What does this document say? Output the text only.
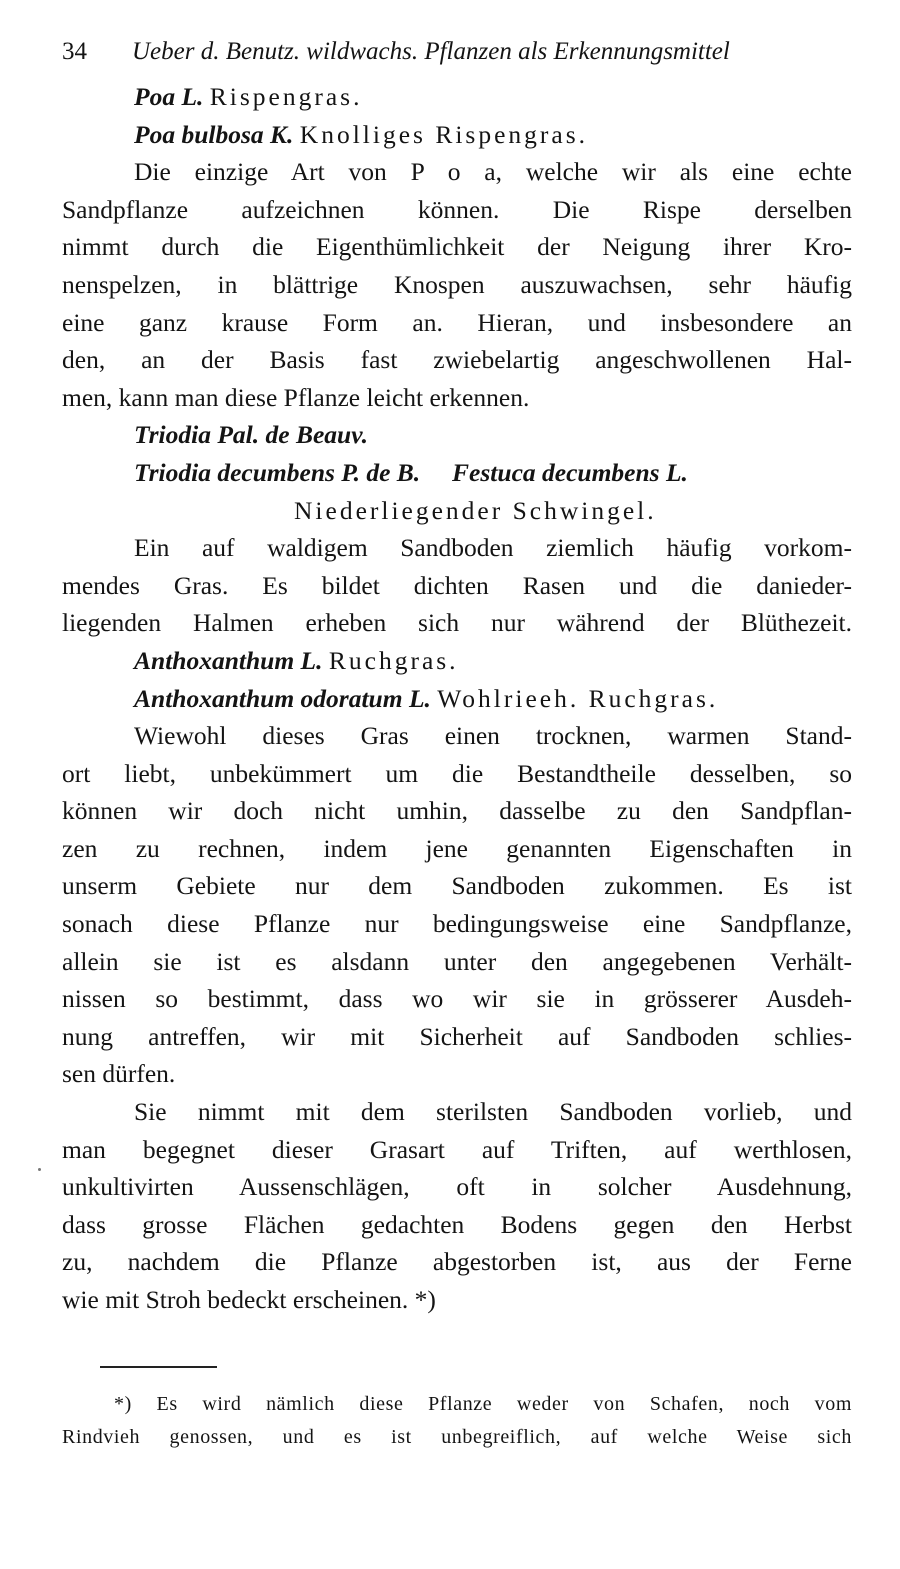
34	Ueber d. Benutz. wildwachs. Pflanzen als Erkennungsmittel
Poa L. Rispengras.
Poa bulbosa K. Knolliges Rispengras.
Die einzige Art von P o a, welche wir als eine echte
Sandpflanze aufzeichnen können. Die Rispe derselben
nimmt durch die Eigenthümlichkeit der Neigung ihrer Kro-
nenspelzen, in blättrige Knospen auszuwachsen, sehr häufig
eine ganz krause Form an. Hieran, und insbesondere an
den, an der Basis fast zwiebelartig angeschwollenen Hal-
men, kann man diese Pflanze leicht erkennen.
Triodia Pal. de Beauv.
Triodia decumbens P. de B. Festuca decumbens L.
Niederliegender Schwingel.
Ein auf waldigem Sandboden ziemlich häufig vorkom-
mendes Gras. Es bildet dichten Rasen und die danieder-
liegenden Halmen erheben sich nur während der Blüthezeit.
Anthoxanthum L. Ruchgras.
Anthoxanthum odoratum L. Wohlrieeh. Ruchgras.
Wiewohl dieses Gras einen trocknen, warmen Stand-
ort liebt, unbekümmert um die Bestandtheile desselben, so
können wir doch nicht umhin, dasselbe zu den Sandpflan-
zen zu rechnen, indem jene genannten Eigenschaften in
unserm Gebiete nur dem Sandboden zukommen. Es ist
sonach diese Pflanze nur bedingungsweise eine Sandpflanze,
allein sie ist es alsdann unter den angegebenen Verhält-
nissen so bestimmt, dass wo wir sie in grösserer Ausdeh-
nung antreffen, wir mit Sicherheit auf Sandboden schlies-
sen dürfen.
Sie nimmt mit dem sterilsten Sandboden vorlieb, und
man begegnet dieser Grasart auf Triften, auf werthlosen,
unkultivirten Aussenschlägen, oft in solcher Ausdehnung,
dass grosse Flächen gedachten Bodens gegen den Herbst
zu, nachdem die Pflanze abgestorben ist, aus der Ferne
wie mit Stroh bedeckt erscheinen. *)
*) Es wird nämlich diese Pflanze weder von Schafen, noch vom
Rindvieh genossen, und es ist unbegreiflich, auf welche Weise sich
